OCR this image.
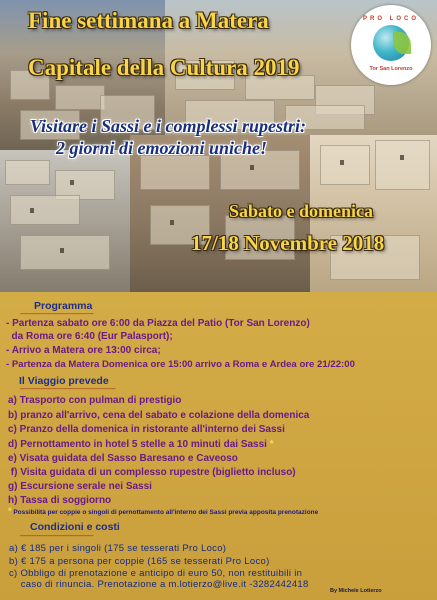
PRO LOCO
Tor San Lorenzo
Fine settimana a Matera
Capitale della Cultura 2019
Visitare i Sassi e i complessi rupestri:
2 giorni di emozioni uniche!
Sabato e domenica
17/18 Novembre 2018
Programma
----------------------------------------
- Partenza sabato ore 6:00 da Piazza del Patio (Tor San Lorenzo)
da Roma ore 6:40 (Eur Palasport);
- Arrivo a Matera ore 13:00 circa;
- Partenza da Matera Domenica ore 15:00 arrivo a Roma e Ardea ore 21/22:00
Il Viaggio prevede
----------------------------------------------------
a) Trasporto con pulman di prestigio
b) pranzo all'arrivo, cena del sabato e colazione della domenica
c) Pranzo della domenica in ristorante all'interno dei Sassi
d) Pernottamento in hotel 5 stelle a 10 minuti dai Sassi *
e) Visata guidata del Sasso Baresano e Caveoso
f) Visita guidata di un complesso rupestre (biglietto incluso)
g) Escursione serale nei Sassi
h) Tassa di soggiorno
* Possibilità per coppie o singoli di pernottamento all'interno dei Sassi previa apposita prenotazione
Condizioni e costi
----------------------------------------
a) € 185 per i singoli (175 se tesserati Pro Loco)
b) € 175 a persona per coppie (165 se tesserati Pro Loco)
c) Obbligo di prenotazione e anticipo di euro 50, non restituibili in
caso di rinuncia. Prenotazione a m.lotierzo@live.it -3282442418
By Michele Lotierzo
